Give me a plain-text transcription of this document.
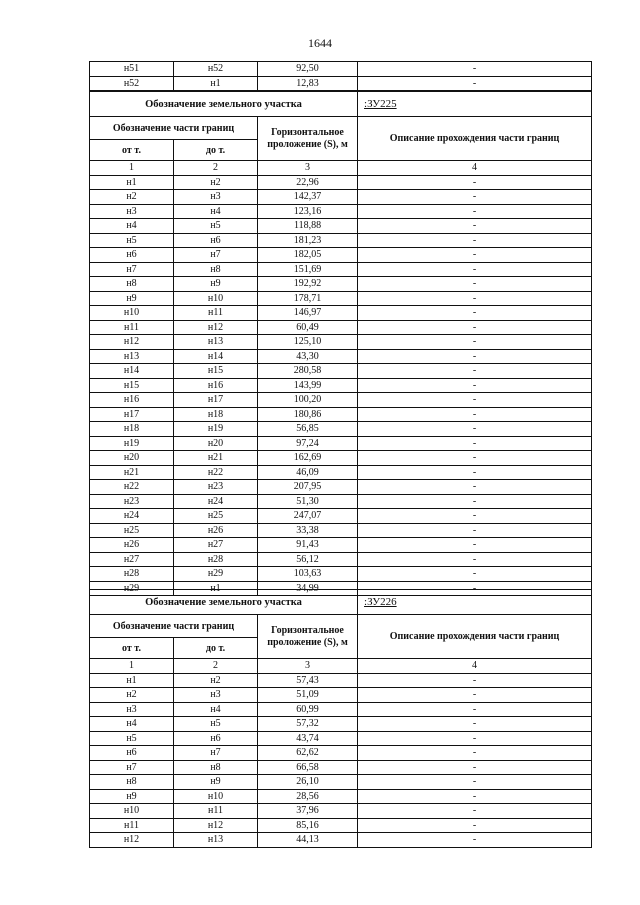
1644
н51	н52	92,50	-
н52	н1	12,83	-
Обозначение земельного участка			:ЗУ225
Обозначение части границ		Горизонтальное проложение (S), м	Описание прохождения части границ
от т.	до т.		
1	2	3	4
н1	н2	22,96	-
н2	н3	142,37	-
н3	н4	123,16	-
н4	н5	118,88	-
н5	н6	181,23	-
н6	н7	182,05	-
н7	н8	151,69	-
н8	н9	192,92	-
н9	н10	178,71	-
н10	н11	146,97	-
н11	н12	60,49	-
н12	н13	125,10	-
н13	н14	43,30	-
н14	н15	280,58	-
н15	н16	143,99	-
н16	н17	100,20	-
н17	н18	180,86	-
н18	н19	56,85	-
н19	н20	97,24	-
н20	н21	162,69	-
н21	н22	46,09	-
н22	н23	207,95	-
н23	н24	51,30	-
н24	н25	247,07	-
н25	н26	33,38	-
н26	н27	91,43	-
н27	н28	56,12	-
н28	н29	103,63	-
н29	н1	34,99	-
Обозначение земельного участка			:ЗУ226
Обозначение части границ		Горизонтальное проложение (S), м	Описание прохождения части границ
от т.	до т.		
1	2	3	4
н1	н2	57,43	-
н2	н3	51,09	-
н3	н4	60,99	-
н4	н5	57,32	-
н5	н6	43,74	-
н6	н7	62,62	-
н7	н8	66,58	-
н8	н9	26,10	-
н9	н10	28,56	-
н10	н11	37,96	-
н11	н12	85,16	-
н12	н13	44,13	-
